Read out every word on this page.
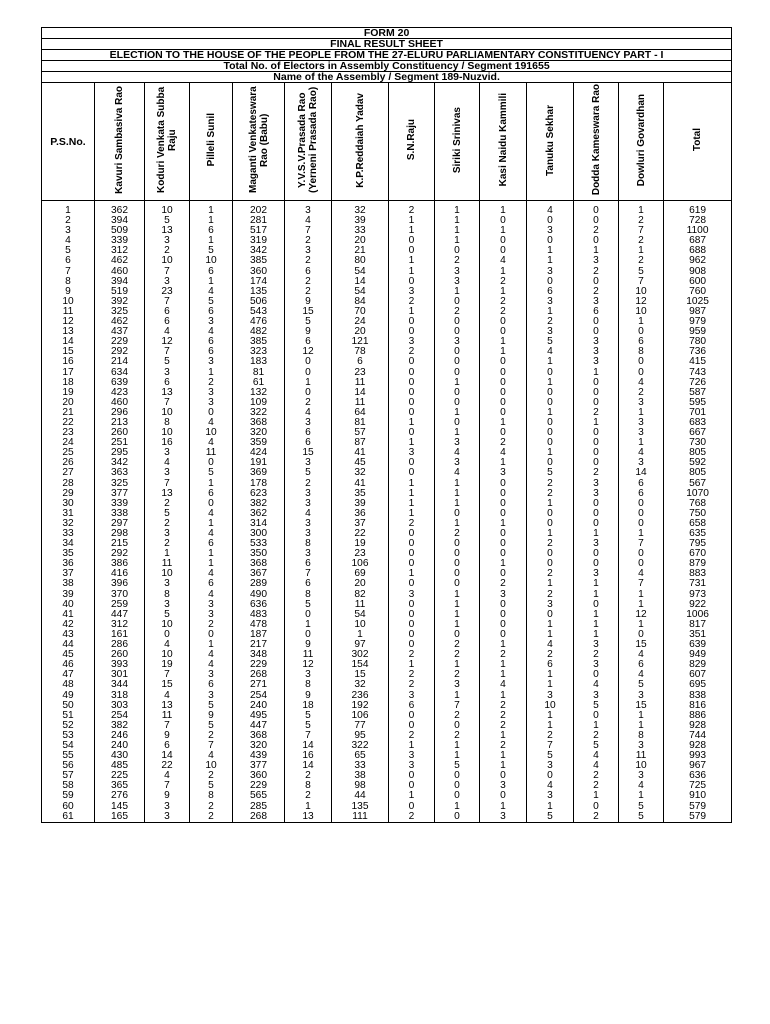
FORM 20													
FINAL RESULT SHEET													
ELECTION TO THE HOUSE OF THE PEOPLE FROM THE 27-ELURU PARLIAMENTARY CONSTITUENCY PART - I													
Total No. of Electors in Assembly Constituency / Segment 191655													
Name of the Assembly / Segment 189-Nuzvid.													
P.S.No.	Kavuri Sambasiva Rao	Koduri Venkata Subba Raju	Pilleli Sunil	Maganti Venkateswara Rao (Babu)	Y.V.S.V.Prasada Rao (Yerneni Prasada Rao)	K.P.Reddaiah Yadav	S.N.Raju	Siriki Srinivas	Kasi Naidu Kammili	Tanuku Sekhar	Dodda Kameswara Rao	Dowluri Govardhan	Total

1	362	10	1	202	3	32	2	1	1	4	0	1	619
2	394	5	1	281	4	39	1	1	0	0	0	2	728
3	509	13	6	517	7	33	1	1	1	3	2	7	1100
4	339	3	1	319	2	20	0	1	0	0	0	2	687
5	312	2	5	342	3	21	0	0	0	1	1	1	688
6	462	10	10	385	2	80	1	2	4	1	3	2	962
7	460	7	6	360	6	54	1	3	1	3	2	5	908
8	394	3	1	174	2	14	0	3	2	0	0	7	600
9	519	23	4	135	2	54	3	1	1	6	2	10	760
10	392	7	5	506	9	84	2	0	2	3	3	12	1025
11	325	6	6	543	15	70	1	2	2	1	6	10	987
12	462	6	3	476	5	24	0	0	0	2	0	1	979
13	437	4	4	482	9	20	0	0	0	3	0	0	959
14	229	12	6	385	6	121	3	3	1	5	3	6	780
15	292	7	6	323	12	78	2	0	1	4	3	8	736
16	214	5	3	183	0	6	0	0	0	1	3	0	415
17	634	3	1	81	0	23	0	0	0	0	1	0	743
18	639	6	2	61	1	11	0	1	0	1	0	4	726
19	423	13	3	132	0	14	0	0	0	0	0	2	587
20	460	7	3	109	2	11	0	0	0	0	0	3	595
21	296	10	0	322	4	64	0	1	0	1	2	1	701
22	213	8	4	368	3	81	1	0	1	0	1	3	683
23	260	10	10	320	6	57	0	1	0	0	0	3	667
24	251	16	4	359	6	87	1	3	2	0	0	1	730
25	295	3	11	424	15	41	3	4	4	1	0	4	805
26	342	4	0	191	3	45	0	3	1	0	0	3	592
27	363	3	5	369	5	32	0	4	3	5	2	14	805
28	325	7	1	178	2	41	1	1	0	2	3	6	567
29	377	13	6	623	3	35	1	1	0	2	3	6	1070
30	339	2	0	382	3	39	1	1	0	1	0	0	768
31	338	5	4	362	4	36	1	0	0	0	0	0	750
32	297	2	1	314	3	37	2	1	1	0	0	0	658
33	298	3	4	300	3	22	0	2	0	1	1	1	635
34	215	2	6	533	8	19	0	0	0	2	3	7	795
35	292	1	1	350	3	23	0	0	0	0	0	0	670
36	386	11	1	368	6	106	0	0	1	0	0	0	879
37	416	10	4	367	7	69	1	0	0	2	3	4	883
38	396	3	6	289	6	20	0	0	2	1	1	7	731
39	370	8	4	490	8	82	3	1	3	2	1	1	973
40	259	3	3	636	5	11	0	1	0	3	0	1	922
41	447	5	3	483	0	54	0	1	0	0	1	12	1006
42	312	10	2	478	1	10	0	1	0	1	1	1	817
43	161	0	0	187	0	1	0	0	0	1	1	0	351
44	286	4	1	217	9	97	0	2	1	4	3	15	639
45	260	10	4	348	11	302	2	2	2	2	2	4	949
46	393	19	4	229	12	154	1	1	1	6	3	6	829
47	301	7	3	268	3	15	2	2	1	1	0	4	607
48	344	15	6	271	8	32	2	3	4	1	4	5	695
49	318	4	3	254	9	236	3	1	1	3	3	3	838
50	303	13	5	240	18	192	6	7	2	10	5	15	816
51	254	11	9	495	5	106	0	2	2	1	0	1	886
52	382	7	5	447	5	77	0	0	2	1	1	1	928
53	246	9	2	368	7	95	2	2	1	2	2	8	744
54	240	6	7	320	14	322	1	1	2	7	5	3	928
55	430	14	4	439	16	65	3	1	1	5	4	11	993
56	485	22	10	377	14	33	3	5	1	3	4	10	967
57	225	4	2	360	2	38	0	0	0	0	2	3	636
58	365	7	5	229	8	98	0	0	3	4	2	4	725
59	276	9	8	565	2	44	1	0	0	3	1	1	910
60	145	3	2	285	1	135	0	1	1	1	0	5	579
61	165	3	2	268	13	111	2	0	3	5	2	5	579
